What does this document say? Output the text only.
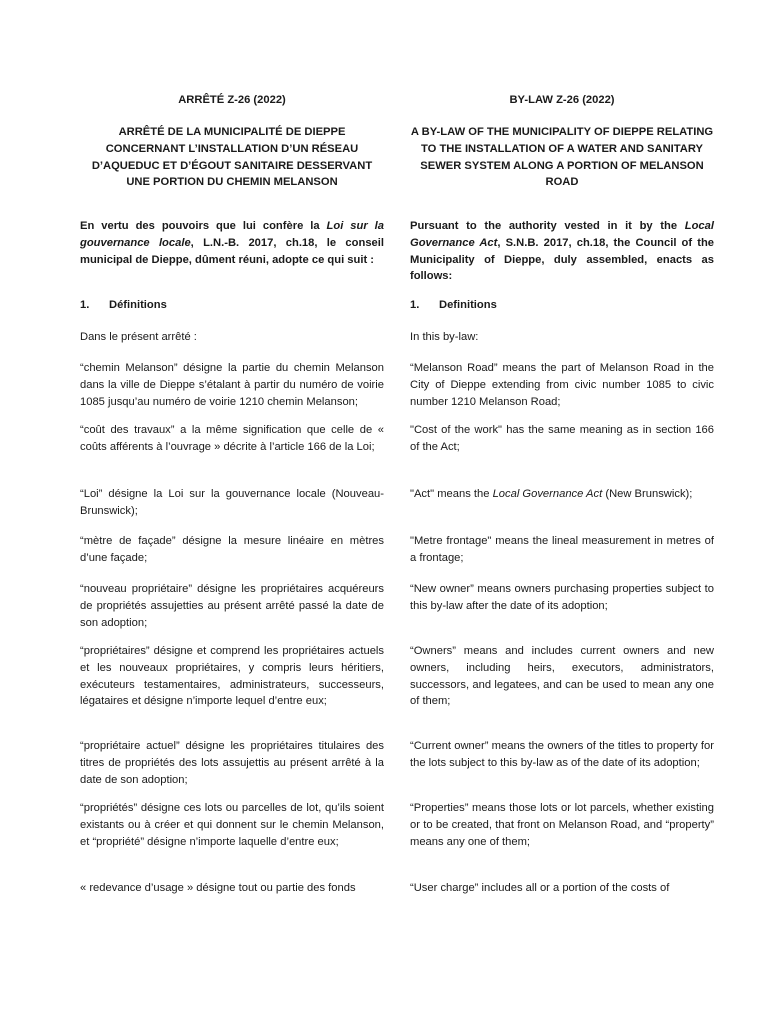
ARRÊTÉ Z-26 (2022)
ARRÊTÉ DE LA MUNICIPALITÉ DE DIEPPE CONCERNANT L’INSTALLATION D’UN RÉSEAU D’AQUEDUC ET D’ÉGOUT SANITAIRE DESSERVANT UNE PORTION DU CHEMIN MELANSON
En vertu des pouvoirs que lui confère la Loi sur la gouvernance locale, L.N.-B. 2017, ch.18, le conseil municipal de Dieppe, dûment réuni, adopte ce qui suit :
1. Définitions
Dans le présent arrêté :
“chemin Melanson” désigne la partie du chemin Melanson dans la ville de Dieppe s’étalant à partir du numéro de voirie 1085 jusqu’au numéro de voirie 1210 chemin Melanson;
“coût des travaux” a la même signification que celle de « coûts afférents à l’ouvrage » décrite à l’article 166 de la Loi;
“Loi” désigne la Loi sur la gouvernance locale (Nouveau-Brunswick);
“mètre de façade” désigne la mesure linéaire en mètres d’une façade;
“nouveau propriétaire” désigne les propriétaires acquéreurs de propriétés assujetties au présent arrêté passé la date de son adoption;
“propriétaires” désigne et comprend les propriétaires actuels et les nouveaux propriétaires, y compris leurs héritiers, exécuteurs testamentaires, administrateurs, successeurs, légataires et désigne n’importe lequel d’entre eux;
“propriétaire actuel” désigne les propriétaires titulaires des titres de propriétés des lots assujettis au présent arrêté à la date de son adoption;
“propriétés” désigne ces lots ou parcelles de lot, qu’ils soient existants ou à créer et qui donnent sur le chemin Melanson, et “propriété” désigne n’importe laquelle d’entre eux;
« redevance d’usage » désigne tout ou partie des fonds
BY-LAW Z-26 (2022)
A BY-LAW OF THE MUNICIPALITY OF DIEPPE RELATING TO THE INSTALLATION OF A WATER AND SANITARY SEWER SYSTEM ALONG A PORTION OF MELANSON ROAD
Pursuant to the authority vested in it by the Local Governance Act, S.N.B. 2017, ch.18, the Council of the Municipality of Dieppe, duly assembled, enacts as follows:
1. Definitions
In this by-law:
“Melanson Road” means the part of Melanson Road in the City of Dieppe extending from civic number 1085 to civic number 1210 Melanson Road;
"Cost of the work" has the same meaning as in section 166 of the Act;
"Act" means the Local Governance Act (New Brunswick);
"Metre frontage" means the lineal measurement in metres of a frontage;
“New owner” means owners purchasing properties subject to this by-law after the date of its adoption;
“Owners” means and includes current owners and new owners, including heirs, executors, administrators, successors, and legatees, and can be used to mean any one of them;
“Current owner” means the owners of the titles to property for the lots subject to this by-law as of the date of its adoption;
“Properties” means those lots or lot parcels, whether existing or to be created, that front on Melanson Road, and “property” means any one of them;
“User charge” includes all or a portion of the costs of
